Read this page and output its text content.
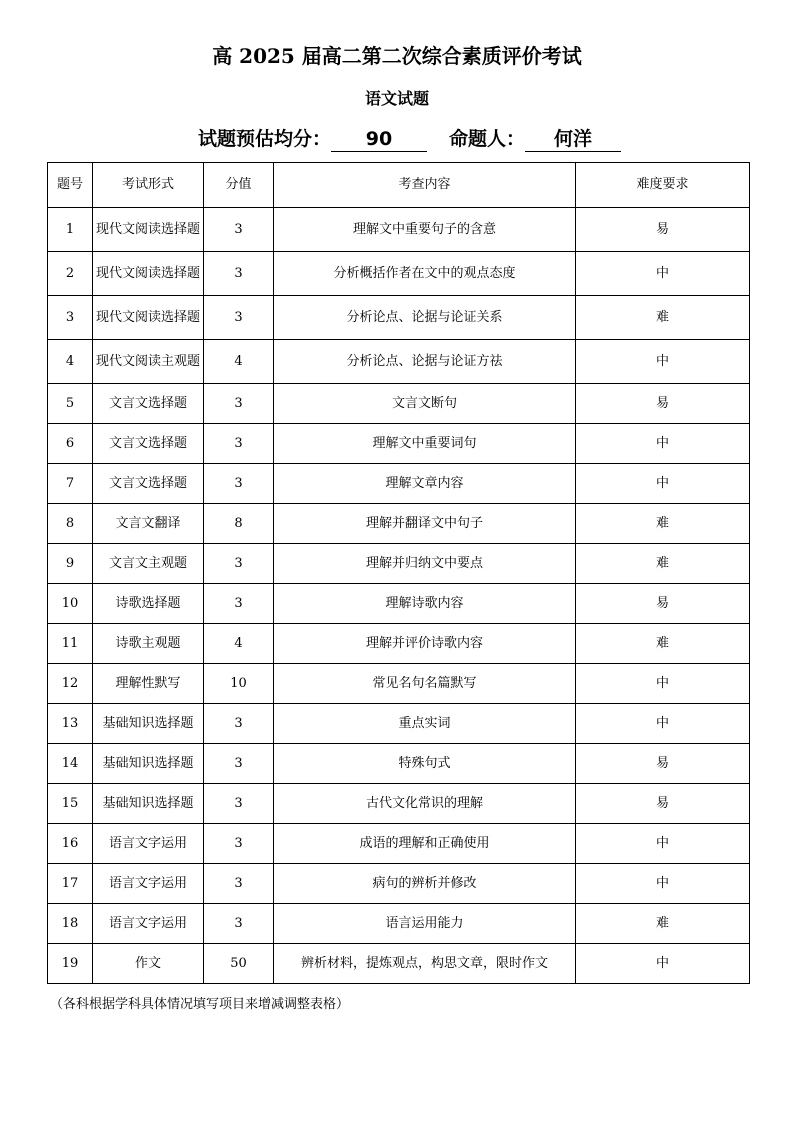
高 2025 届高二第二次综合素质评价考试
语文试题
试题预估均分： 90	命题人： 何洋
题号	考试形式	分值	考查内容	难度要求
1	现代文阅读选择题	3	理解文中重要句子的含意	易
2	现代文阅读选择题	3	分析概括作者在文中的观点态度	中
3	现代文阅读选择题	3	分析论点、论据与论证关系	难
4	现代文阅读主观题	4	分析论点、论据与论证方祛	中
5	文言文选择题	3	文言文断句	易
6	文言文选择题	3	理解文中重要词句	中
7	文言文选择题	3	理解文章内容	中
8	文言文翻译	8	理解并翻译文中句子	难
9	文言文主观题	3	理解并归纳文中要点	难
10	诗歌选择题	3	理解诗歌内容	易
11	诗歌主观题	4	理解并评价诗歌内容	难
12	理解性默写	10	常见名句名篇默写	中
13	基础知识选择题	3	重点实词	中
14	基础知识选择题	3	特殊句式	易
15	基础知识选择题	3	古代文化常识的理解	易
16	语言文字运用	3	成语的理解和正确使用	中
17	语言文字运用	3	病句的辨析并修改	中
18	语言文字运用	3	语言运用能力	难
19	作文	50	辨析材料，提炼观点，构思文章，限时作文	中
（各科根据学科具体情况填写项目来增减调整表格）
